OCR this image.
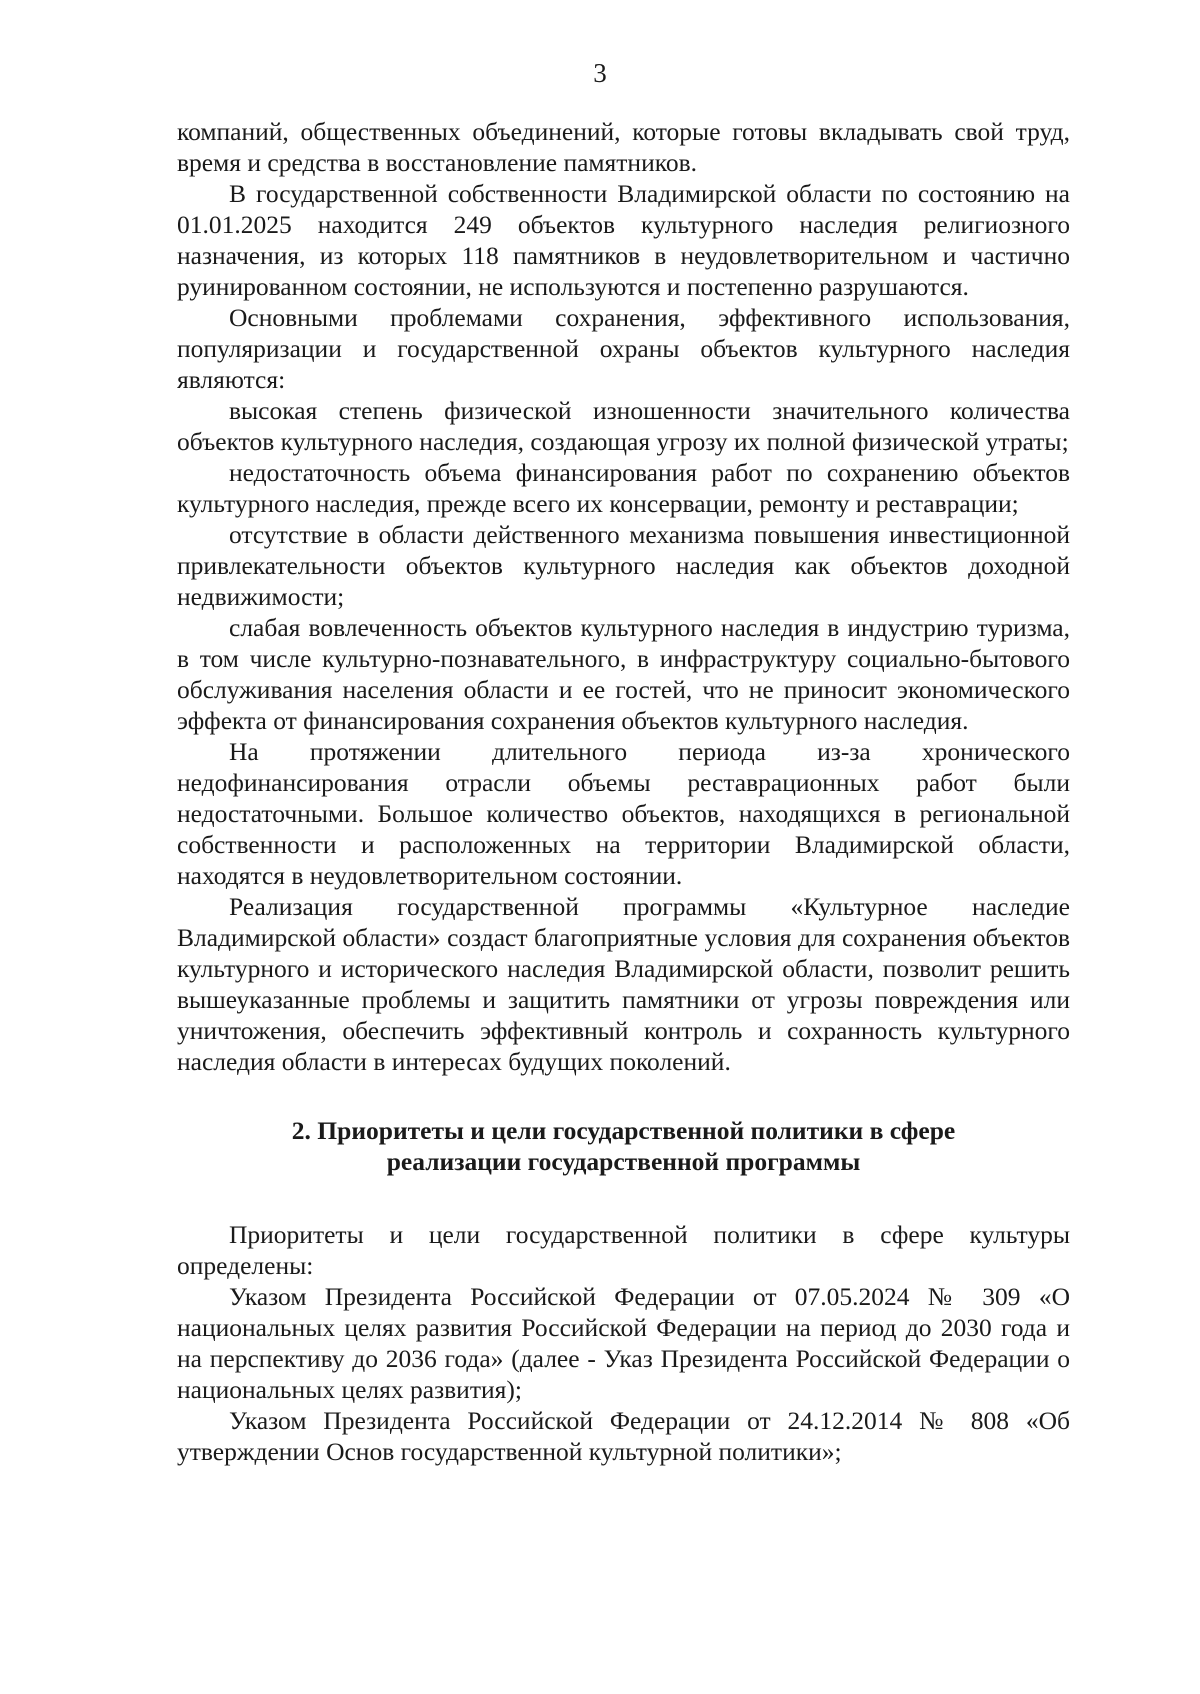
3

компаний, общественных объединений, которые готовы вкладывать свой труд, время и средства в восстановление памятников.

В государственной собственности Владимирской области по состоянию на 01.01.2025 находится 249 объектов культурного наследия религиозного назначения, из которых 118 памятников в неудовлетворительном и частично руинированном состоянии, не используются и постепенно разрушаются.

Основными проблемами сохранения, эффективного использования, популяризации и государственной охраны объектов культурного наследия являются:

высокая степень физической изношенности значительного количества объектов культурного наследия, создающая угрозу их полной физической утраты;

недостаточность объема финансирования работ по сохранению объектов культурного наследия, прежде всего их консервации, ремонту и реставрации;

отсутствие в области действенного механизма повышения инвестиционной привлекательности объектов культурного наследия как объектов доходной недвижимости;

слабая вовлеченность объектов культурного наследия в индустрию туризма, в том числе культурно-познавательного, в инфраструктуру социально-бытового обслуживания населения области и ее гостей, что не приносит экономического эффекта от финансирования сохранения объектов культурного наследия.

На протяжении длительного периода из-за хронического недофинансирования отрасли объемы реставрационных работ были недостаточными. Большое количество объектов, находящихся в региональной собственности и расположенных на территории Владимирской области, находятся в неудовлетворительном состоянии.

Реализация государственной программы «Культурное наследие Владимирской области» создаст благоприятные условия для сохранения объектов культурного и исторического наследия Владимирской области, позволит решить вышеуказанные проблемы и защитить памятники от угрозы повреждения или уничтожения, обеспечить эффективный контроль и сохранность культурного наследия области в интересах будущих поколений.

2. Приоритеты и цели государственной политики в сфере
реализации государственной программы

Приоритеты и цели государственной политики в сфере культуры определены:

Указом Президента Российской Федерации от 07.05.2024 № 309 «О национальных целях развития Российской Федерации на период до 2030 года и на перспективу до 2036 года» (далее - Указ Президента Российской Федерации о национальных целях развития);

Указом Президента Российской Федерации от 24.12.2014 № 808 «Об утверждении Основ государственной культурной политики»;
